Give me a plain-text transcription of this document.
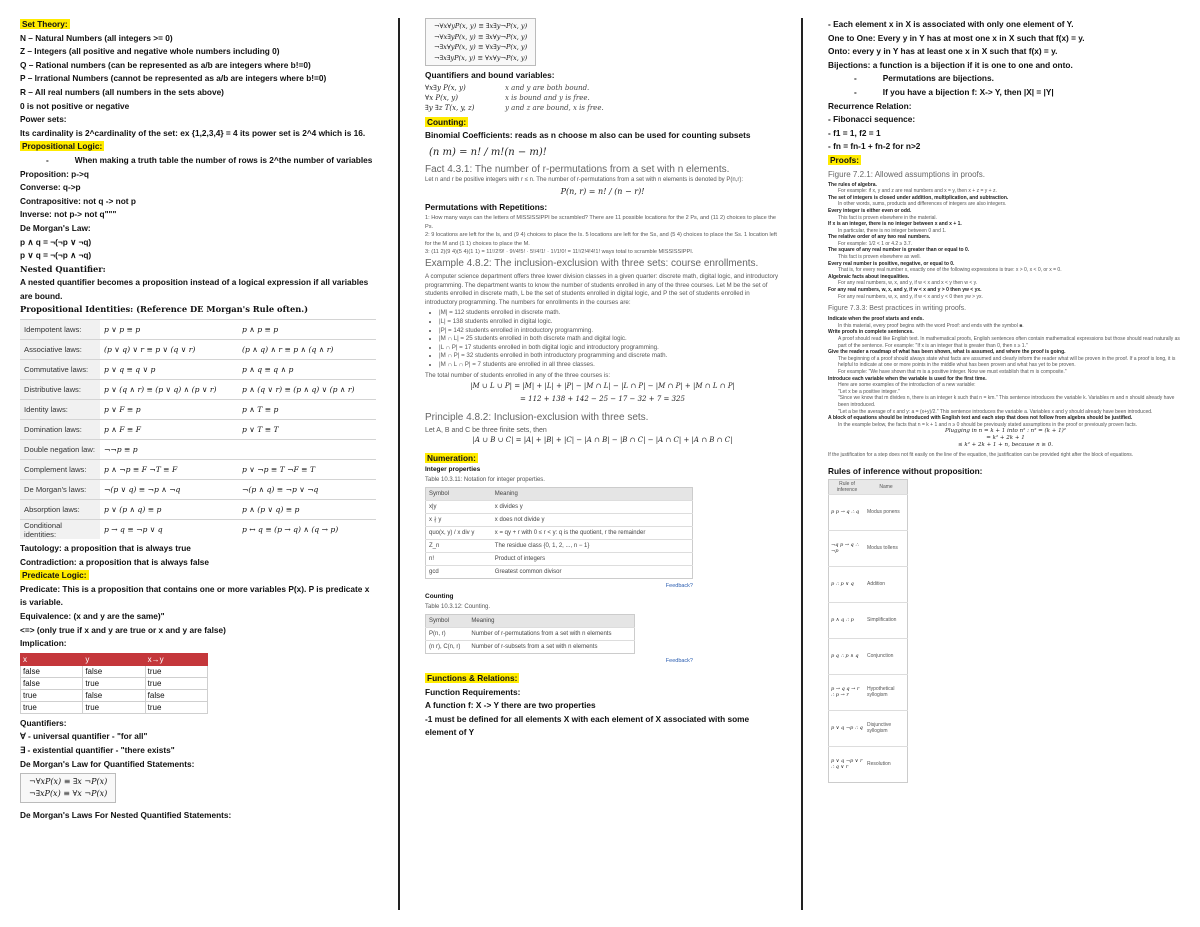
Set Theory:
N – Natural Numbers (all integers >= 0)
Z – Integers (all positive and negative whole numbers including 0)
Q – Rational numbers (can be represented as a/b are integers where b!=0)
P – Irrational Numbers (cannot be represented as a/b are integers where b!=0)
R – All real numbers (all numbers in the sets above)
0 is not positive or negative
Power sets:
Its cardinality is 2^cardinality of the set: ex {1,2,3,4} = 4 its power set is 2^4 which is 16.
Propositional Logic:
-	When making a truth table the number of rows is 2^the number of variables
Proposition: p->q
Converse: q->p
Contrapositive: not q -> not p
Inverse: not p-> not q"""
De Morgan's Law:
p ∧ q = ¬(¬p ∨ ¬q)
p ∨ q = ¬(¬p ∧ ¬q)
Nested Quantifier:
A nested quantifier becomes a proposition instead of a logical expression if all variables are bound.
Propositional Identities: (Reference DE Morgan's Rule often.)
Idempotent laws:	p ∨ p ≡ p	p ∧ p ≡ p
Associative laws:	(p ∨ q) ∨ r ≡ p ∨ (q ∨ r)	(p ∧ q) ∧ r ≡ p ∧ (q ∧ r)
Commutative laws:	p ∨ q ≡ q ∨ p	p ∧ q ≡ q ∧ p
Distributive laws:	p ∨ (q ∧ r) ≡ (p ∨ q) ∧ (p ∨ r)	p ∧ (q ∨ r) ≡ (p ∧ q) ∨ (p ∧ r)
Identity laws:	p ∨ F ≡ p	p ∧ T ≡ p
Domination laws:	p ∧ F ≡ F	p ∨ T ≡ T
Double negation law:	¬¬p ≡ p	
Complement laws:	p ∧ ¬p ≡ F ¬T ≡ F	p ∨ ¬p ≡ T ¬F ≡ T
De Morgan's laws:	¬(p ∨ q) ≡ ¬p ∧ ¬q	¬(p ∧ q) ≡ ¬p ∨ ¬q
Absorption laws:	p ∨ (p ∧ q) ≡ p	p ∧ (p ∨ q) ≡ p
Conditional identities:	p → q ≡ ¬p ∨ q	p ↔ q ≡ (p → q) ∧ (q → p)
Tautology: a proposition that is always true
Contradiction: a proposition that is always false
Predicate Logic:
Predicate: This is a proposition that contains one or more variables P(x). P is predicate x is variable.
Equivalence: (x and y are the same)"
<=> (only true if x and y are true or x and y are false)
Implication:
x	y	x→y
false	false	true
false	true	true
true	false	false
true	true	true
Quantifiers:
∀ - universal quantifier - "for all"
∃ - existential quantifier - "there exists"
De Morgan's Law for Quantified Statements:
¬∀xP(x) ≡ ∃x ¬P(x)
¬∃xP(x) ≡ ∀x ¬P(x)
De Morgan's Laws For Nested Quantified Statements:
¬∀x∀yP(x, y) ≡ ∃x∃y¬P(x, y)
¬∀x∃yP(x, y) ≡ ∃x∀y¬P(x, y)
¬∃x∀yP(x, y) ≡ ∀x∃y¬P(x, y)
¬∃x∃yP(x, y) ≡ ∀x∀y¬P(x, y)
Quantifiers and bound variables:
∀x∃y P(x, y)	x and y are both bound.
∀x P(x, y)	x is bound and y is free.
∃y ∃z T(x, y, z)	y and z are bound, x is free.
Counting:
Binomial Coefficients: reads as n choose m also can be used for counting subsets
(n m) = n! / m!(n − m)!
Fact 4.3.1: The number of r-permutations from a set with n elements.
Let n and r be positive integers with r ≤ n. The number of r-permutations from a set with n elements is denoted by P(n,r):
P(n, r) = n! / (n − r)!
Permutations with Repetitions:
1: How many ways can the letters of MISSISSIPPI be scrambled? There are 11 possible locations for the 2 Ps, and (11 2) choices to place the Ps.
2: 9 locations are left for the Is, and (9 4) choices to place the Is. 5 locations are left for the Ss, and (5 4) choices to place the Ss. 1 location left for the M and (1 1) choices to place the M.
3: (11 2)(9 4)(5 4)(1 1) = 11!/2!9! · 9!/4!5! · 5!/4!1! · 1!/1!0! = 11!/2!4!4!1! ways total to scramble MISSISSIPPI.
Example 4.8.2: The inclusion-exclusion with three sets: course enrollments.
A computer science department offers three lower division classes in a given quarter: discrete math, digital logic, and introductory programming. The department wants to know the number of students enrolled in any of the three courses. Let M be the set of students enrolled in discrete math, L be the set of students enrolled in digital logic, and P the set of students enrolled in introductory programming. The numbers for enrollments in the courses are:
• |M| = 112 students enrolled in discrete math.
• |L| = 138 students enrolled in digital logic.
• |P| = 142 students enrolled in introductory programming.
• |M ∩ L| = 25 students enrolled in both discrete math and digital logic.
• |L ∩ P| = 17 students enrolled in both digital logic and introductory programming.
• |M ∩ P| = 32 students enrolled in both introductory programming and discrete math.
• |M ∩ L ∩ P| = 7 students are enrolled in all three classes.
The total number of students enrolled in any of the three courses is:
|M ∪ L ∪ P| = |M| + |L| + |P| − |M ∩ L| − |L ∩ P| − |M ∩ P| + |M ∩ L ∩ P|
= 112 + 138 + 142 − 25 − 17 − 32 + 7 = 325
Principle 4.8.2: Inclusion-exclusion with three sets.
Let A, B and C be three finite sets, then
|A ∪ B ∪ C| = |A| + |B| + |C| − |A ∩ B| − |B ∩ C| − |A ∩ C| + |A ∩ B ∩ C|
Numeration:
Integer properties
Table 10.3.11: Notation for integer properties.
Symbol	Meaning
x|y	x divides y
x ∤ y	x does not divide y
quo(x, y) / x div y	x = qy + r with 0 ≤ r < y: q is the quotient, r the remainder
Z_n	The residue class {0, 1, 2, ..., n − 1}
n!	Product of integers
gcd	Greatest common divisor
Feedback?
Counting
Table 10.3.12: Counting.
Symbol	Meaning
P(n, r)	Number of r-permutations from a set with n elements
(n r), C(n, r)	Number of r-subsets from a set with n elements
Feedback?
Functions & Relations:
Function Requirements:
A function f: X -> Y there are two properties
-1 must be defined for all elements X with each element of X associated with some element of Y
- Each element x in X is associated with only one element of Y.
One to One: Every y in Y has at most one x in X such that f(x) = y.
Onto: every y in Y has at least one x in X such that f(x) = y.
Bijections: a function is a bijection if it is one to one and onto.
-	Permutations are bijections.
-	If you have a bijection f: X-> Y, then |X| = |Y|
Recurrence Relation:
- Fibonacci sequence:
- f1 = 1, f2 = 1
- fn = fn-1 + fn-2 for n>2
Proofs:
Figure 7.2.1: Allowed assumptions in proofs.
The rules of algebra.
For example: if x, y and z are real numbers and x = y, then x + z = y + z.
The set of integers is closed under addition, multiplication, and subtraction.
In other words, sums, products and differences of integers are also integers.
Every integer is either even or odd.
This fact is proven elsewhere in the material.
If x is an integer, there is no integer between x and x + 1.
In particular, there is no integer between 0 and 1.
The relative order of any two real numbers.
For example: 1/2 < 1 or 4.2 ≥ 3.7.
The square of any real number is greater than or equal to 0.
This fact is proven elsewhere as well.
Every real number is positive, negative, or equal to 0.
That is, for every real number x, exactly one of the following expressions is true: x > 0, x < 0, or x = 0.
Algebraic facts about inequalities.
For any real numbers, w, x, and y, if w < x and x < y then w < y.
For any real numbers, w, x, and y, if w < x and y > 0 then yw < yx.
For any real numbers, w, x, and y, if w < x and y < 0 then yw > yx.
Figure 7.3.3: Best practices in writing proofs.
Indicate when the proof starts and ends.
In this material, every proof begins with the word Proof: and ends with the symbol ■.
Write proofs in complete sentences.
A proof should read like English text. In mathematical proofs, English sentences often contain mathematical expressions but those should read naturally as part of the sentence. For example: "If x is an integer that is greater than 0, then x ≥ 1."
Give the reader a roadmap of what has been shown, what is assumed, and where the proof is going.
The beginning of a proof should always state what facts are assumed and clearly inform the reader what will be proven in the proof. If a proof is long, it is helpful to indicate at one or more points in the middle what has been proven and what has yet to be proven.
For example: "We have shown that m is a positive integer. Now we must establish that m is composite."
Introduce each variable when the variable is used for the first time.
Here are some examples of the introduction of a new variable:
"Let x be a positive integer."
"Since we know that m divides n, there is an integer k such that n = km." This sentence introduces the variable k. Variables m and n should already have been introduced.
"Let a be the average of x and y: a = (x+y)/2." This sentence introduces the variable a. Variables x and y should already have been introduced.
A block of equations should be introduced with English text and each step that does not follow from algebra should be justified.
In the example below, the facts that n = k + 1 and n ≥ 0 should be previously stated assumptions in the proof or previously proven facts.
Plugging in n = k + 1 into n² : n² = (k + 1)²
= k² + 2k + 1
≤ k² + 2k + 1 + n, because n ≥ 0.
If the justification for a step does not fit easily on the line of the equation, the justification can be provided right after the block of equations.
Rules of inference without proposition:
Rule of inference	Name
p p → q ∴ q	Modus ponens
¬q p → q ∴ ¬p	Modus tollens
p ∴ p ∨ q	Addition
p ∧ q ∴ p	Simplification
p q ∴ p ∧ q	Conjunction
p → q q → r ∴ p → r	Hypothetical syllogism
p ∨ q ¬p ∴ q	Disjunctive syllogism
p ∨ q ¬p ∨ r ∴ q ∨ r	Resolution
